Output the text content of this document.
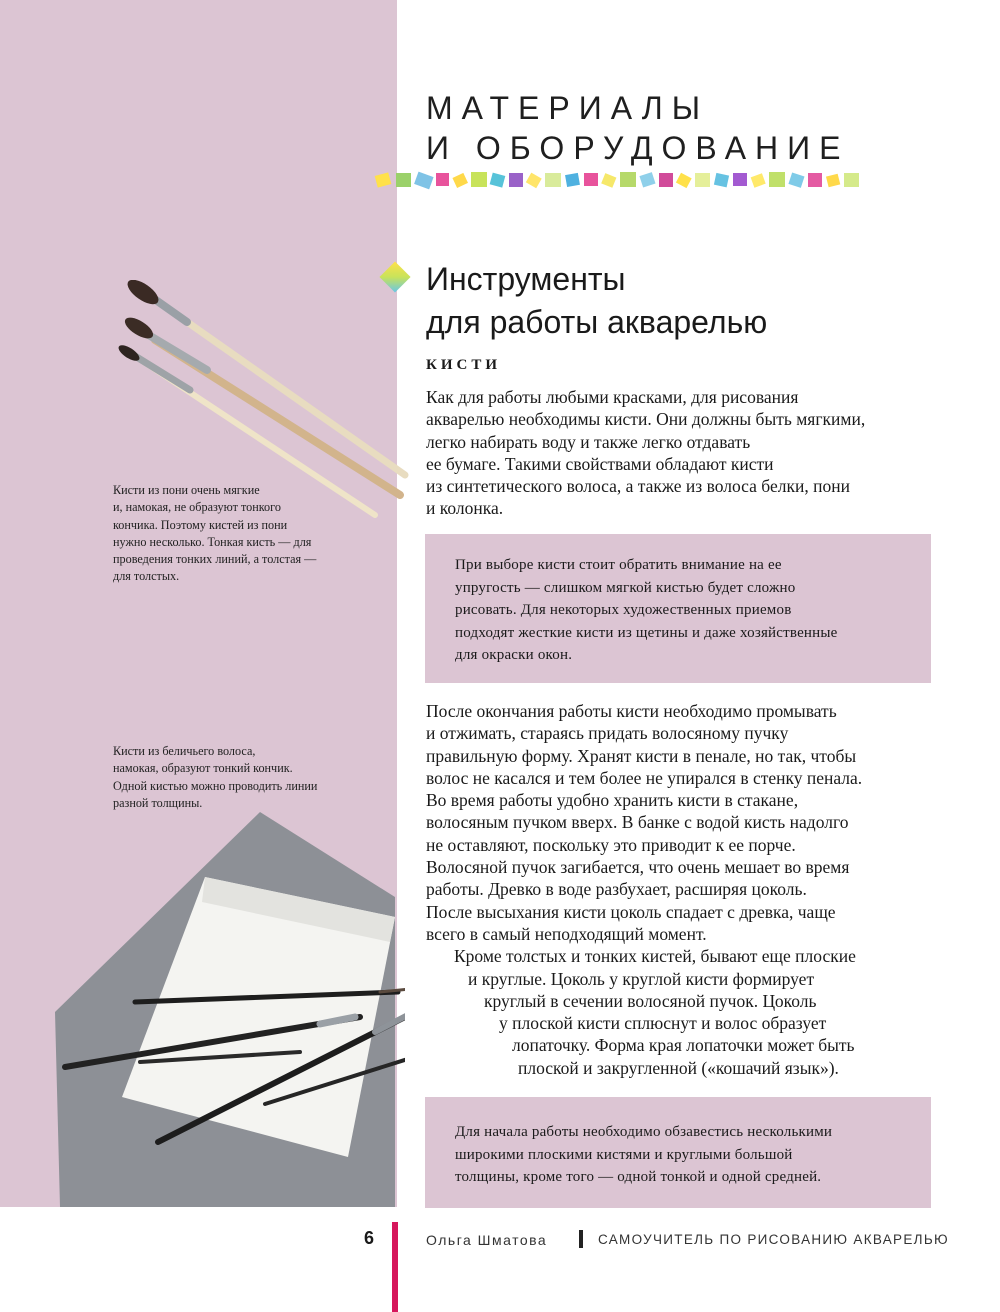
МАТЕРИАЛЫ
И ОБОРУДОВАНИЕ
Инструменты
для работы акварелью
КИСТИ
Как для работы любыми красками, для рисования
акварелью необходимы кисти. Они должны быть мягкими,
легко набирать воду и также легко отдавать
ее бумаге. Такими свойствами обладают кисти
из синтетического волоса, а также из волоса белки, пони
и колонка.
При выборе кисти стоит обратить внимание на ее
упругость — слишком мягкой кистью будет сложно
рисовать. Для некоторых художественных приемов
подходят жесткие кисти из щетины и даже хозяйственные
для окраски окон.
После окончания работы кисти необходимо промывать
и отжимать, стараясь придать волосяному пучку
правильную форму. Хранят кисти в пенале, но так, чтобы
волос не касался и тем более не упирался в стенку пенала.
Во время работы удобно хранить кисти в стакане,
волосяным пучком вверх. В банке с водой кисть надолго
не оставляют, поскольку это приводит к ее порче.
Волосяной пучок загибается, что очень мешает во время
работы. Древко в воде разбухает, расширяя цоколь.
После высыхания кисти цоколь спадает с древка, чаще
всего в самый неподходящий момент.
Кроме толстых и тонких кистей, бывают еще плоские
и круглые. Цоколь у круглой кисти формирует
круглый в сечении волосяной пучок. Цоколь
у плоской кисти сплюснут и волос образует
лопаточку. Форма края лопаточки может быть
плоской и закругленной («кошачий язык»).
Для начала работы необходимо обзавестись несколькими
широкими плоскими кистями и круглыми большой
толщины, кроме того — одной тонкой и одной средней.
Кисти из пони очень мягкие
и, намокая, не образуют тонкого
кончика. Поэтому кистей из пони
нужно несколько. Тонкая кисть — для
проведения тонких линий, а толстая —
для толстых.
Кисти из беличьего волоса,
намокая, образуют тонкий кончик.
Одной кистью можно проводить линии
разной толщины.
6	Ольга Шматова	САМОУЧИТЕЛЬ ПО РИСОВАНИЮ АКВАРЕЛЬЮ
